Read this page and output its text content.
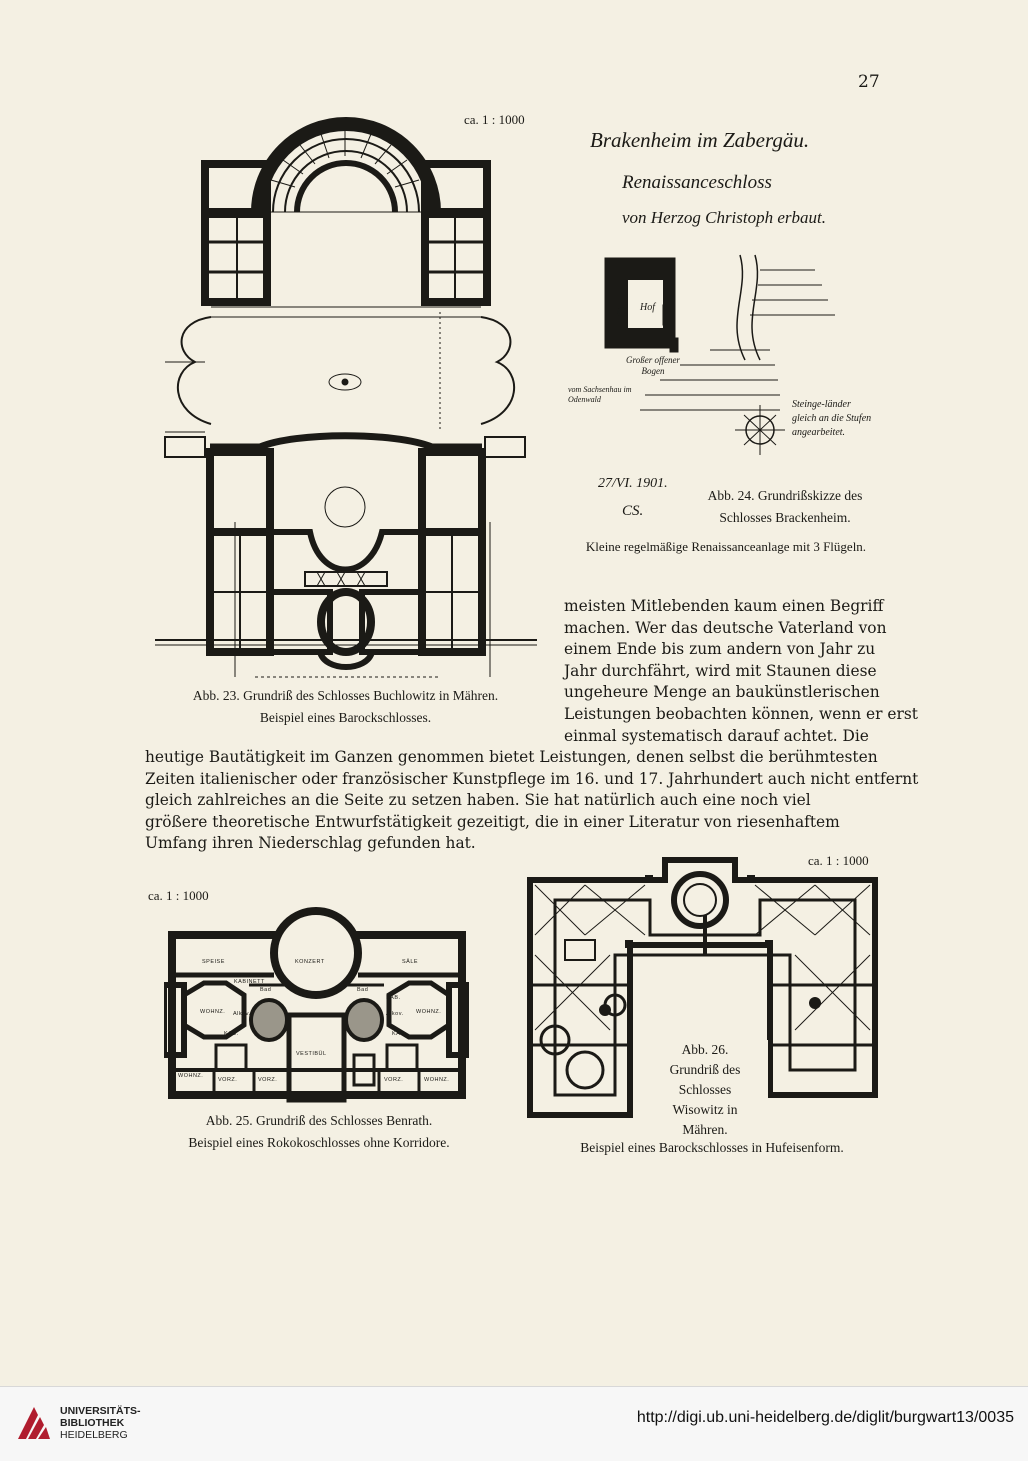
27
ca. 1 : 1000
Abb. 23. Grundriß des Schlosses Buchlowitz in Mähren.
Beispiel eines Barockschlosses.
Brakenheim im Zabergäu.
Renaissanceschloss
von Herzog Christoph erbaut.
Hof
Großer offener Bogen
vom Sachsenhau im Odenwald	Steinge-länder gleich an die Stufen angearbeitet.
27/VI. 1901.
CS.
Abb. 24. Grundrißskizze des
Schlosses Brackenheim.
Kleine regelmäßige Renaissanceanlage mit 3 Flügeln.
meisten Mitlebenden kaum einen Begriff
machen. Wer das deutsche Vaterland von
einem Ende bis zum andern von Jahr zu
Jahr durchfährt, wird mit Staunen diese
ungeheure Menge an baukünstlerischen
Leistungen beobachten können, wenn er erst
einmal systematisch darauf achtet. Die
heutige Bautätigkeit im Ganzen genommen bietet Leistungen, denen selbst die berühmtesten
Zeiten italienischer oder französischer Kunstpflege im 16. und 17. Jahrhundert auch nicht entfernt
gleich zahlreiches an die Seite zu setzen haben. Sie hat natürlich auch eine noch viel
größere theoretische Entwurfstätigkeit gezeitigt, die in einer Literatur von riesenhaftem
Umfang ihren Niederschlag gefunden hat.
ca. 1 : 1000
SPEISE	KONZERT	SÄLE
KABINETT
Bad	Bad
KAB.
WOHNZ.	WOHNZ.
Alkov.	Alkov.
KAB.	KAB.
VESTIBÜL
WOHNZ.
VORZ.	VORZ.	VORZ.	WOHNZ.
Abb. 25. Grundriß des Schlosses Benrath.
Beispiel eines Rokokoschlosses ohne Korridore.
ca. 1 : 1000
Abb. 26.
Grundriß des
Schlosses
Wisowitz in
Mähren.
Beispiel eines Barockschlosses in Hufeisenform.
UNIVERSITÄTS-
BIBLIOTHEK
HEIDELBERG
http://digi.ub.uni-heidelberg.de/diglit/burgwart13/0035
